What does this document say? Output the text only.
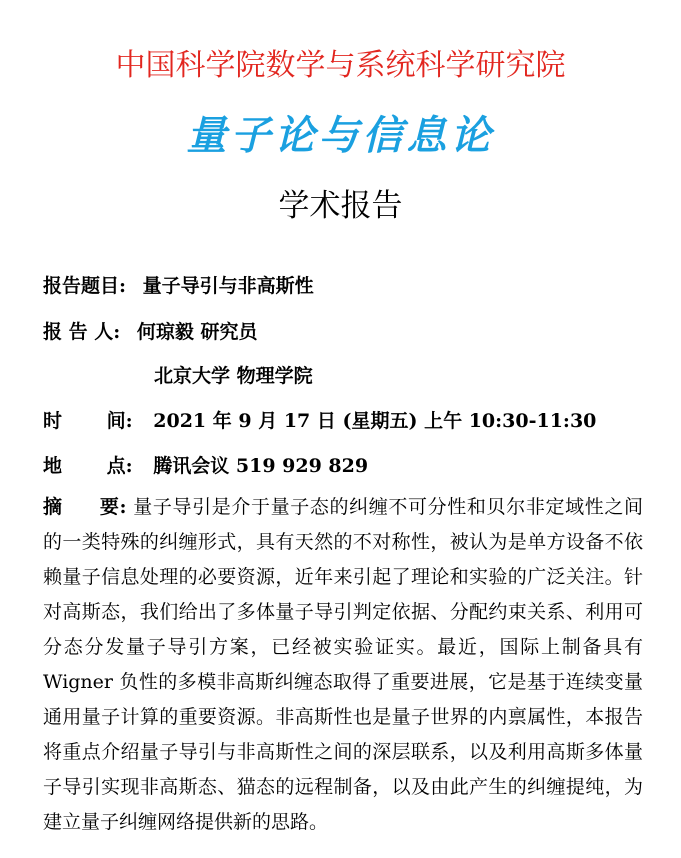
中国科学院数学与系统科学研究院
量子论与信息论
学术报告
报告题目: 量子导引与非高斯性
报 告 人: 何琼毅 研究员
北京大学 物理学院
时 间: 2021 年 9 月 17 日 (星期五) 上午 10:30-11:30
地 点: 腾讯会议 519 929 829
摘 要: 量子导引是介于量子态的纠缠不可分性和贝尔非定域性之间的一类特殊的纠缠形式，具有天然的不对称性，被认为是单方设备不依赖量子信息处理的必要资源，近年来引起了理论和实验的广泛关注。针对高斯态，我们给出了多体量子导引判定依据、分配约束关系、利用可分态分发量子导引方案，已经被实验证实。最近，国际上制备具有 Wigner 负性的多模非高斯纠缠态取得了重要进展，它是基于连续变量通用量子计算的重要资源。非高斯性也是量子世界的内禀属性，本报告将重点介绍量子导引与非高斯性之间的深层联系，以及利用高斯多体量子导引实现非高斯态、猫态的远程制备，以及由此产生的纠缠提纯，为建立量子纠缠网络提供新的思路。
